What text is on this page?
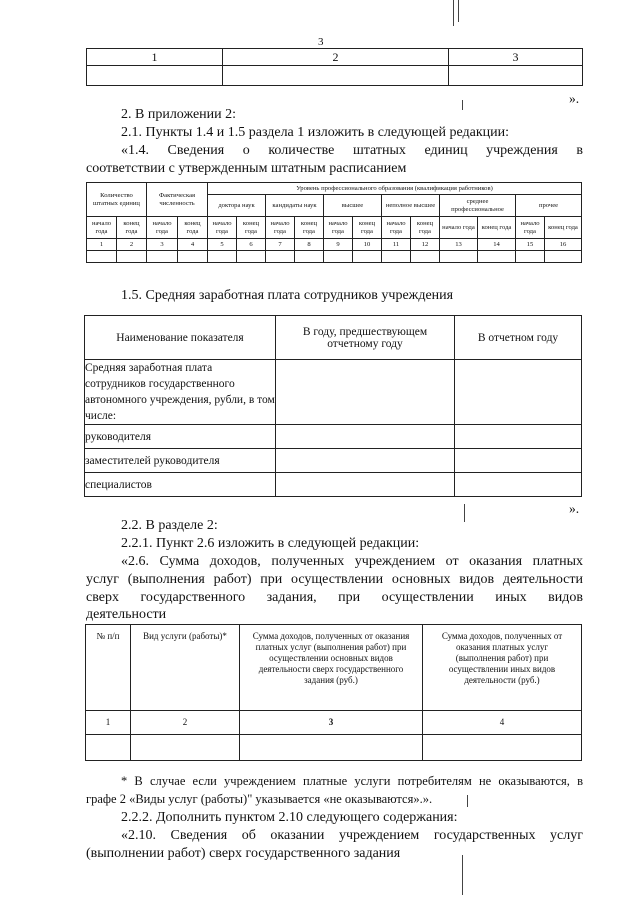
3
1	2	3

».
2. В приложении 2:
2.1. Пункты 1.4 и 1.5 раздела 1 изложить в следующей редакции:
«1.4. Сведения о количестве штатных единиц учреждения в
соответствии с утвержденным штатным расписанием
Количество штатных единиц		Фактическая численность		Уровень профессионального образования (квалификация работников)											
				доктора наук		кандидаты наук		высшее		неполное высшее		среднее профессиональное		прочее	
начало года	конец года	начало года	конец года	начало года	конец года	начало года	конец года	начало года	конец года	начало года	конец года	начало года	конец года	начало года	конец года
1	2	3	4	5	6	7	8	9	10	11	12	13	14	15	16

1.5. Средняя заработная плата сотрудников учреждения
Наименование показателя	В году, предшествующем отчетному году	В отчетном году
Средняя заработная плата сотрудников государственного автономного учреждения, рубли, в том числе:		
руководителя		
заместителей руководителя		
специалистов		
».
2.2. В разделе 2:
2.2.1. Пункт 2.6 изложить в следующей редакции:
«2.6. Сумма доходов, полученных учреждением от оказания платных
услуг (выполнения работ) при осуществлении основных видов деятельности
сверх государственного задания, при осуществлении иных видов
деятельности
№ п/п	Вид услуги (работы)*	Сумма доходов, полученных от оказания платных услуг (выполнения работ) при осуществлении основных видов деятельности сверх государственного задания (руб.)	Сумма доходов, полученных от оказания платных услуг (выполнения работ) при осуществлении иных видов деятельности (руб.)
1	2	3	4

* В случае если учреждением платные услуги потребителям не оказываются, в
графе 2 «Виды услуг (работы)" указывается «не оказываются».».
2.2.2. Дополнить пунктом 2.10 следующего содержания:
«2.10. Сведения об оказании учреждением государственных услуг
(выполнении работ) сверх государственного задания
